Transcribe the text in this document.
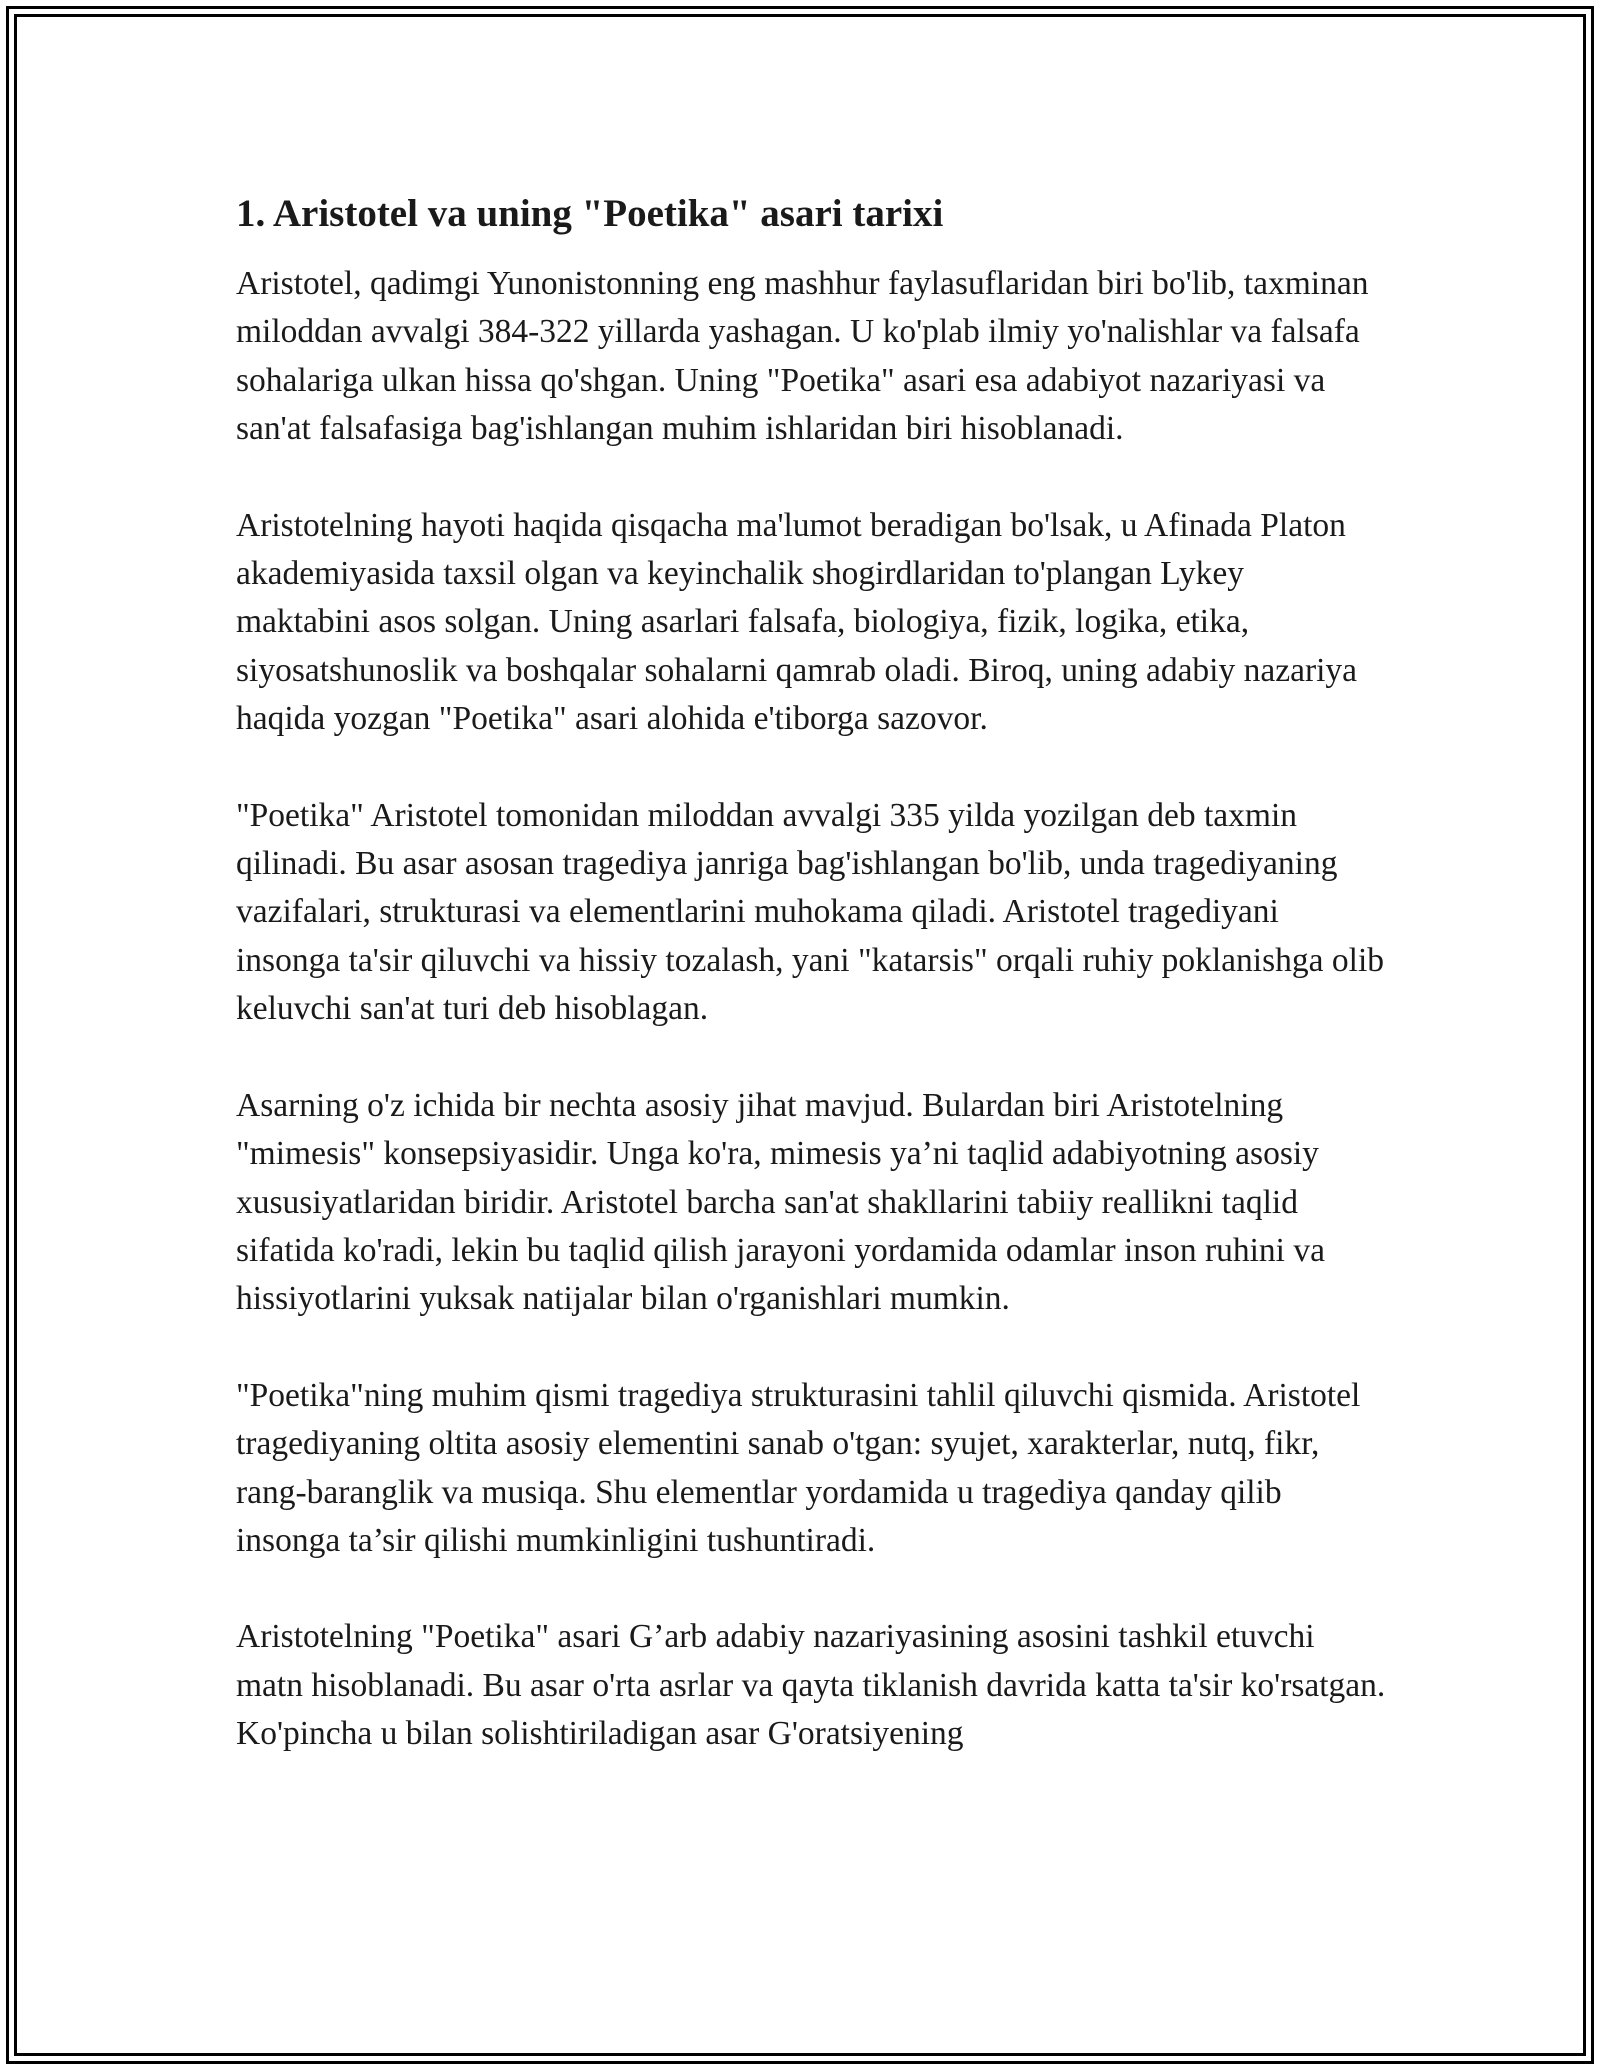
1. Aristotel va uning "Poetika" asari tarixi

Aristotel, qadimgi Yunonistonning eng mashhur faylasuflaridan biri bo'lib, taxminan miloddan avvalgi 384-322 yillarda yashagan. U ko'plab ilmiy yo'nalishlar va falsafa sohalariga ulkan hissa qo'shgan. Uning "Poetika" asari esa adabiyot nazariyasi va san'at falsafasiga bag'ishlangan muhim ishlaridan biri hisoblanadi.

Aristotelning hayoti haqida qisqacha ma'lumot beradigan bo'lsak, u Afinada Platon akademiyasida taxsil olgan va keyinchalik shogirdlaridan to'plangan Lykey maktabini asos solgan. Uning asarlari falsafa, biologiya, fizik, logika, etika, siyosatshunoslik va boshqalar sohalarni qamrab oladi. Biroq, uning adabiy nazariya haqida yozgan "Poetika" asari alohida e'tiborga sazovor.

"Poetika" Aristotel tomonidan miloddan avvalgi 335 yilda yozilgan deb taxmin qilinadi. Bu asar asosan tragediya janriga bag'ishlangan bo'lib, unda tragediyaning vazifalari, strukturasi va elementlarini muhokama qiladi. Aristotel tragediyani insonga ta'sir qiluvchi va hissiy tozalash, yani "katarsis" orqali ruhiy poklanishga olib keluvchi san'at turi deb hisoblagan.

Asarning o'z ichida bir nechta asosiy jihat mavjud. Bulardan biri Aristotelning "mimesis" konsepsiyasidir. Unga ko'ra, mimesis ya’ni taqlid adabiyotning asosiy xususiyatlaridan biridir. Aristotel barcha san'at shakllarini tabiiy reallikni taqlid sifatida ko'radi, lekin bu taqlid qilish jarayoni yordamida odamlar inson ruhini va hissiyotlarini yuksak natijalar bilan o'rganishlari mumkin.

"Poetika"ning muhim qismi tragediya strukturasini tahlil qiluvchi qismida. Aristotel tragediyaning oltita asosiy elementini sanab o'tgan: syujet, xarakterlar, nutq, fikr, rang-baranglik va musiqa. Shu elementlar yordamida u tragediya qanday qilib insonga ta’sir qilishi mumkinligini tushuntiradi.

Aristotelning "Poetika" asari G’arb adabiy nazariyasining asosini tashkil etuvchi matn hisoblanadi. Bu asar o'rta asrlar va qayta tiklanish davrida katta ta'sir ko'rsatgan. Ko'pincha u bilan solishtiriladigan asar G'oratsiyening
